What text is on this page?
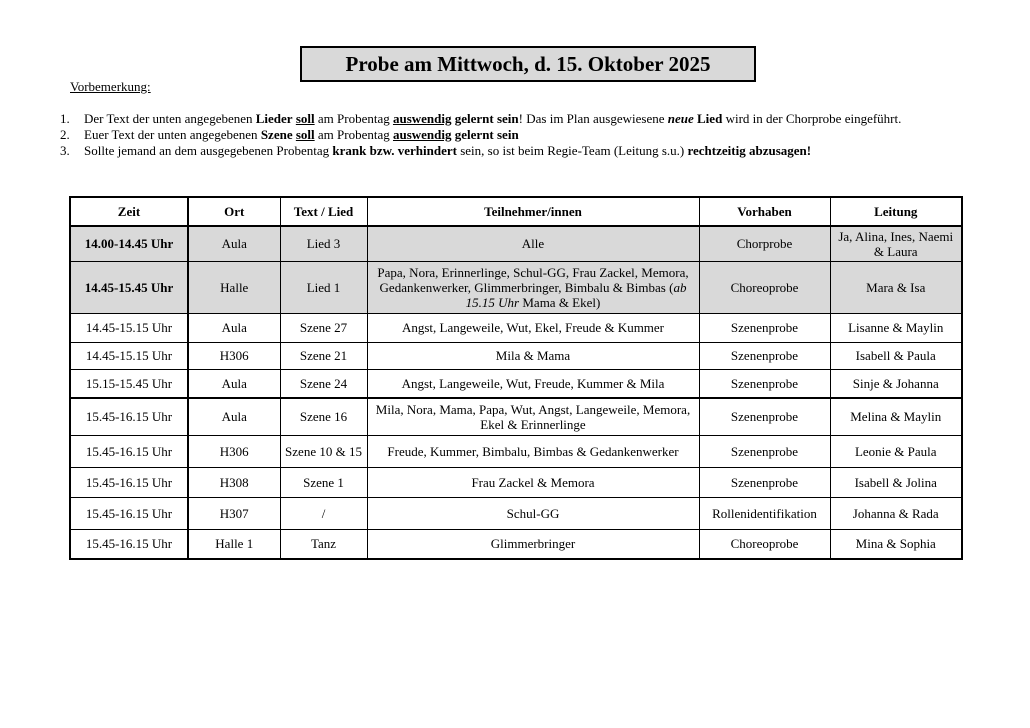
Probe am Mittwoch, d. 15. Oktober 2025
Vorbemerkung:
1. Der Text der unten angegebenen Lieder soll am Probentag auswendig gelernt sein! Das im Plan ausgewiesene neue Lied wird in der Chorprobe eingeführt.
2. Euer Text der unten angegebenen Szene soll am Probentag auswendig gelernt sein
3. Sollte jemand an dem ausgegebenen Probentag krank bzw. verhindert sein, so ist beim Regie-Team (Leitung s.u.) rechtzeitig abzusagen!
Zeit	Ort	Text / Lied	Teilnehmer/innen	Vorhaben	Leitung
14.00-14.45 Uhr	Aula	Lied 3	Alle	Chorprobe	Ja, Alina, Ines, Naemi & Laura
14.45-15.45 Uhr	Halle	Lied 1	Papa, Nora, Erinnerlinge, Schul-GG, Frau Zackel, Memora, Gedankenwerker, Glimmerbringer, Bimbalu & Bimbas (ab 15.15 Uhr Mama & Ekel)	Choreoprobe	Mara & Isa
14.45-15.15 Uhr	Aula	Szene 27	Angst, Langeweile, Wut, Ekel, Freude & Kummer	Szenenprobe	Lisanne & Maylin
14.45-15.15 Uhr	H306	Szene 21	Mila & Mama	Szenenprobe	Isabell & Paula
15.15-15.45 Uhr	Aula	Szene 24	Angst, Langeweile, Wut, Freude, Kummer & Mila	Szenenprobe	Sinje & Johanna
15.45-16.15 Uhr	Aula	Szene 16	Mila, Nora, Mama, Papa, Wut, Angst, Langeweile, Memora, Ekel & Erinnerlinge	Szenenprobe	Melina & Maylin
15.45-16.15 Uhr	H306	Szene 10 & 15	Freude, Kummer, Bimbalu, Bimbas & Gedankenwerker	Szenenprobe	Leonie & Paula
15.45-16.15 Uhr	H308	Szene 1	Frau Zackel & Memora	Szenenprobe	Isabell & Jolina
15.45-16.15 Uhr	H307	/	Schul-GG	Rollenidentifikation	Johanna & Rada
15.45-16.15 Uhr	Halle 1	Tanz	Glimmerbringer	Choreoprobe	Mina & Sophia
